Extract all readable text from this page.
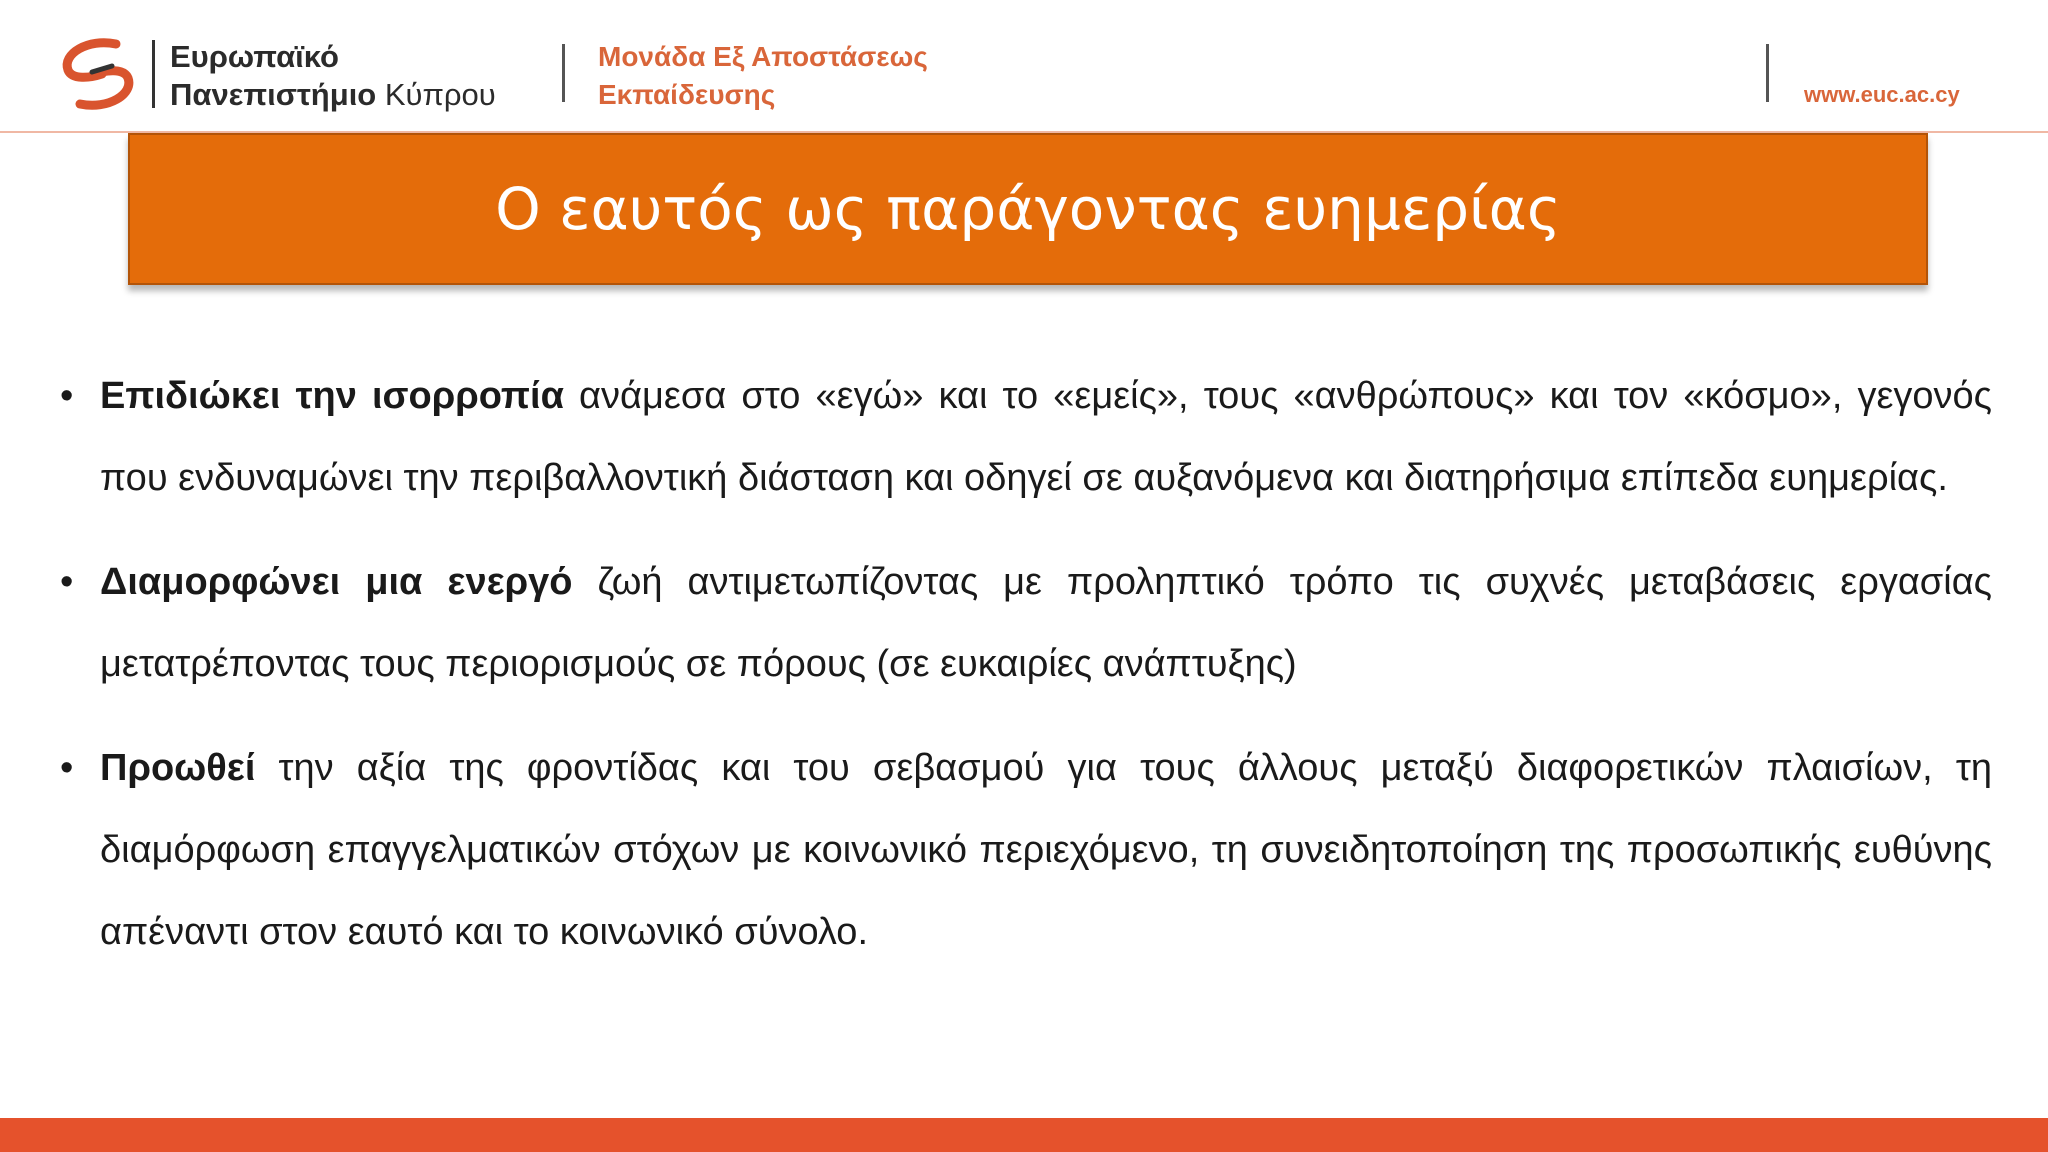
Ευρωπαϊκό
Πανεπιστήμιο Κύπρου
Μονάδα Εξ Αποστάσεως
Εκπαίδευσης	www.euc.ac.cy
Ο εαυτός ως παράγοντας ευημερίας
• Επιδιώκει την ισορροπία ανάμεσα στο «εγώ» και το «εμείς», τους «ανθρώπους» και τον «κόσμο», γεγονός που ενδυναμώνει την περιβαλλοντική διάσταση και οδηγεί σε αυξανόμενα και διατηρήσιμα επίπεδα ευημερίας.
• Διαμορφώνει μια ενεργό ζωή αντιμετωπίζοντας με προληπτικό τρόπο τις συχνές μεταβάσεις εργασίας μετατρέποντας τους περιορισμούς σε πόρους (σε ευκαιρίες ανάπτυξης)
• Προωθεί την αξία της φροντίδας και του σεβασμού για τους άλλους μεταξύ διαφορετικών πλαισίων, τη διαμόρφωση επαγγελματικών στόχων με κοινωνικό περιεχόμενο, τη συνειδητοποίηση της προσωπικής ευθύνης απέναντι στον εαυτό και το κοινωνικό σύνολο.
